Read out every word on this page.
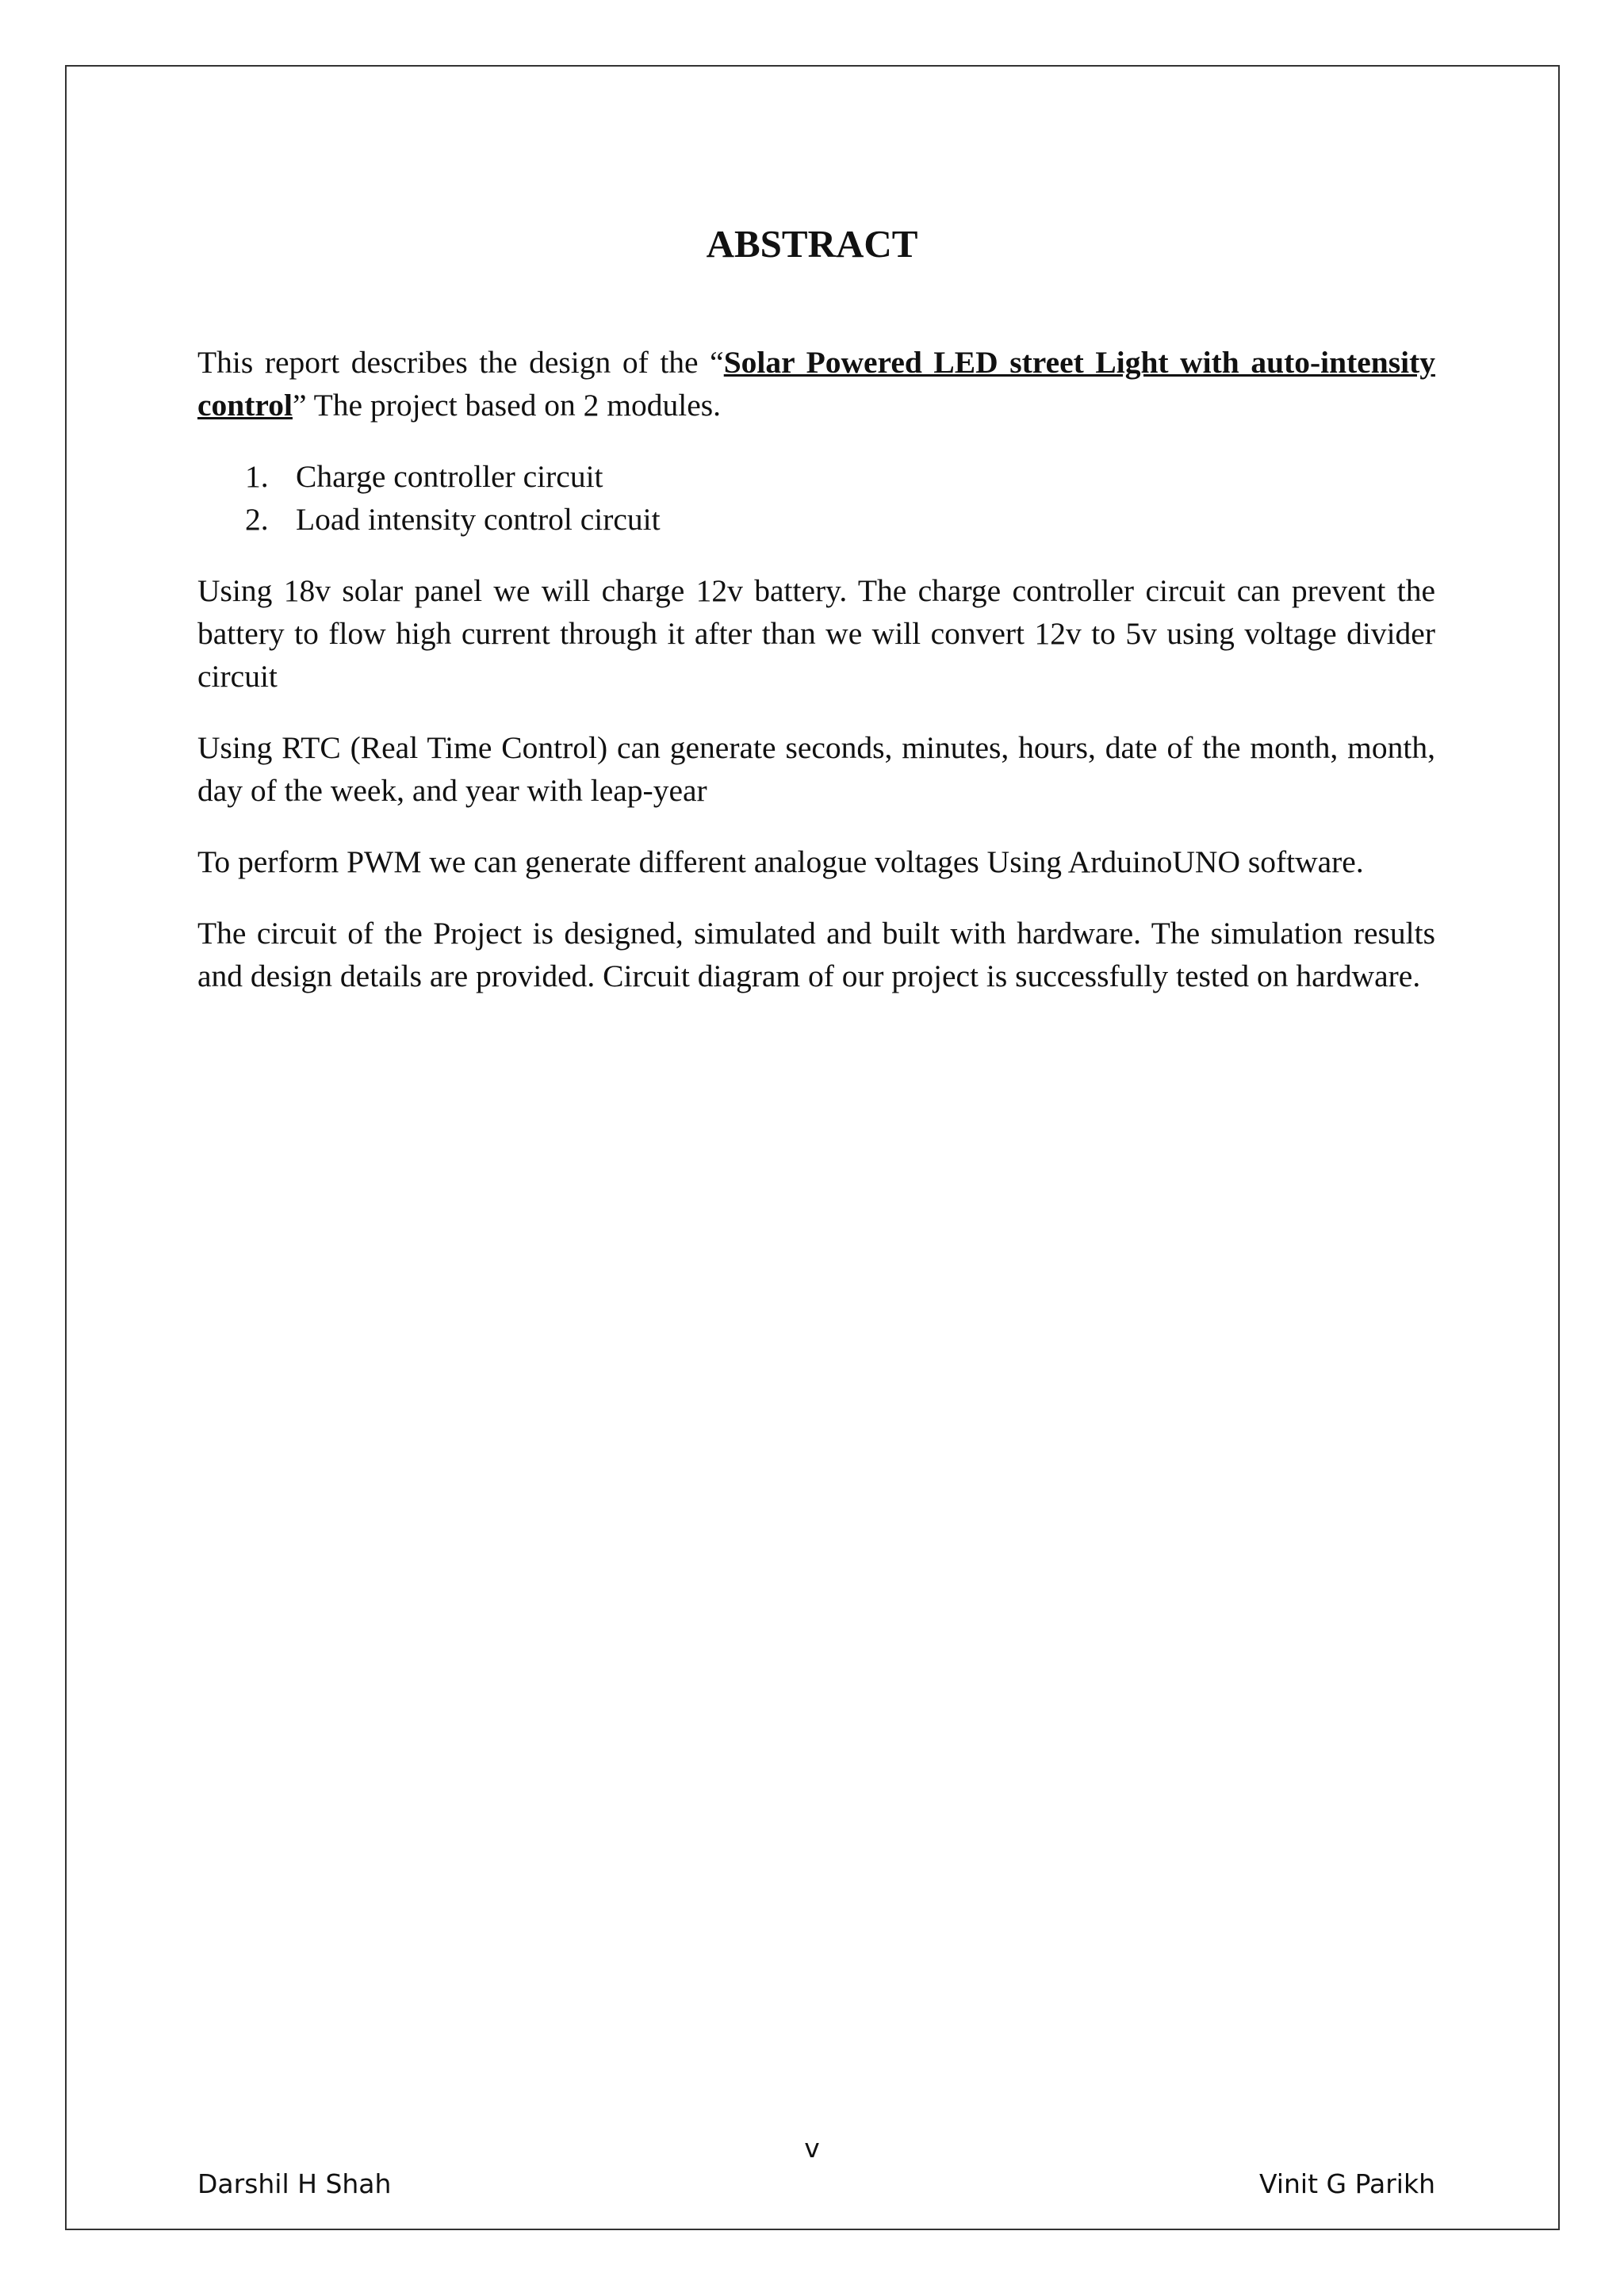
ABSTRACT

This report describes the design of the “Solar Powered LED street Light with auto-intensity control” The project based on 2 modules.

1. Charge controller circuit
2. Load intensity control circuit

Using 18v solar panel we will charge 12v battery. The charge controller circuit can prevent the battery to flow high current through it after than we will convert 12v to 5v using voltage divider circuit

Using RTC (Real Time Control) can generate seconds, minutes, hours, date of the month, month, day of the week, and year with leap-year

To perform PWM we can generate different analogue voltages Using ArduinoUNO software.

The circuit of the Project is designed, simulated and built with hardware. The simulation results and design details are provided. Circuit diagram of our project is successfully tested on hardware.

v
Darshil H Shah	Vinit G Parikh
